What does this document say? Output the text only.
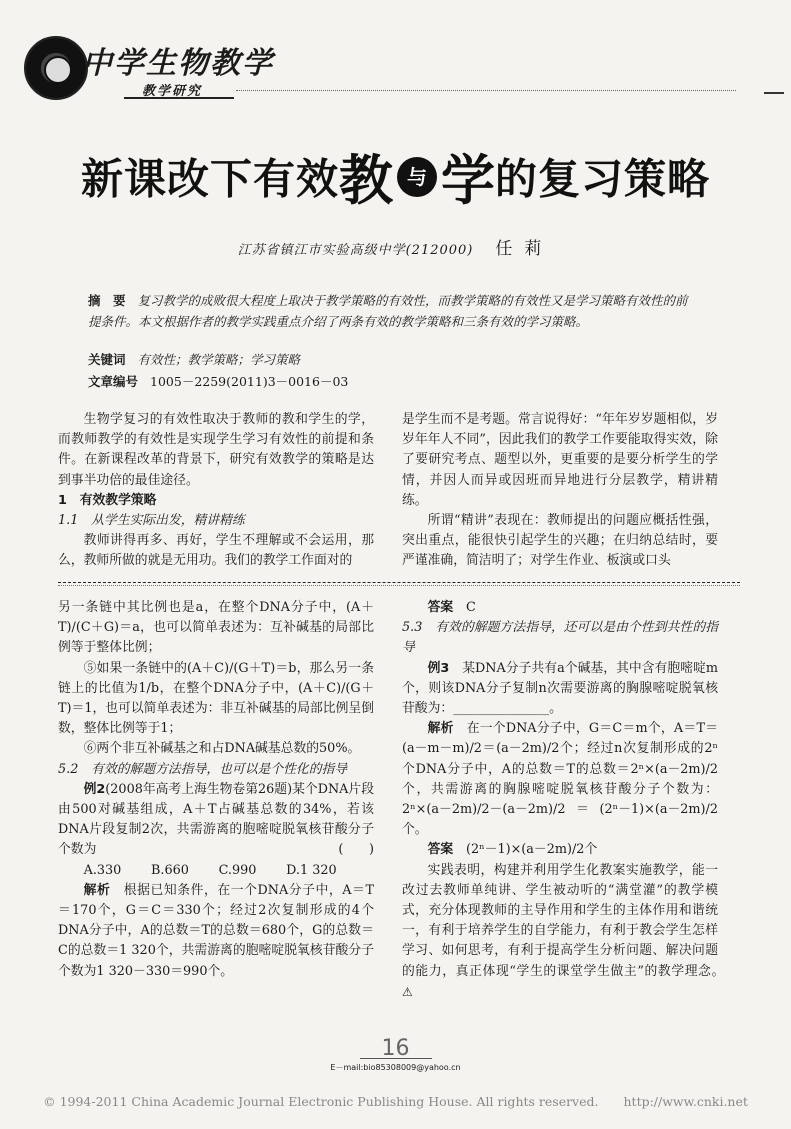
中学生物教学
教学研究
新课改下有效教 与 学的复习策略
江苏省镇江市实验高级中学(212000) 任莉
摘　要 复习教学的成败很大程度上取决于教学策略的有效性，而教学策略的有效性又是学习策略有效性的前提条件。本文根据作者的教学实践重点介绍了两条有效的教学策略和三条有效的学习策略。
关键词 有效性；教学策略；学习策略
文章编号 1005－2259(2011)3－0016－03

生物学复习的有效性取决于教师的教和学生的学，而教师教学的有效性是实现学生学习有效性的前提和条件。在新课程改革的背景下，研究有效教学的策略是达到事半功倍的最佳途径。

1　有效教学策略

1.1　从学生实际出发，精讲精练

教师讲得再多、再好，学生不理解或不会运用，那么，教师所做的就是无用功。我们的教学工作面对的

是学生而不是考题。常言说得好：“年年岁岁题相似，岁岁年年人不同”，因此我们的教学工作要能取得实效，除了要研究考点、题型以外，更重要的是要分析学生的学情，并因人而异或因班而异地进行分层教学，精讲精练。

所谓“精讲”表现在：教师提出的问题应概括性强，突出重点，能很快引起学生的兴趣；在归纳总结时，要严谨准确，简洁明了；对学生作业、板演或口头

另一条链中其比例也是a，在整个DNA分子中，(A＋T)/(C＋G)＝a，也可以简单表述为：互补碱基的局部比例等于整体比例；

⑤如果一条链中的(A＋C)/(G＋T)＝b，那么另一条链上的比值为1/b，在整个DNA分子中，(A＋C)/(G＋T)＝1，也可以简单表述为：非互补碱基的局部比例呈倒数，整体比例等于1；

⑥两个非互补碱基之和占DNA碱基总数的50%。

5.2　有效的解题方法指导，也可以是个性化的指导

例2(2008年高考上海生物卷第26题)某个DNA片段由500对碱基组成，A＋T占碱基总数的34%，若该DNA片段复制2次，共需游离的胞嘧啶脱氧核苷酸分子个数为	(　　)

A.330　　 B.660　　 C.990　　 D.1 320

解析　 根据已知条件，在一个DNA分子中，A＝T＝170个，G＝C＝330个；经过2次复制形成的4个DNA分子中，A的总数＝T的总数＝680个，G的总数＝C的总数＝1 320个，共需游离的胞嘧啶脱氧核苷酸分子个数为1 320－330＝990个。

答案　 C

5.3　有效的解题方法指导，还可以是由个性到共性的指导

例3　 某DNA分子共有a个碱基，其中含有胞嘧啶m个，则该DNA分子复制n次需要游离的胸腺嘧啶脱氧核苷酸为：_______________。

解析　 在一个DNA分子中，G＝C＝m个，A＝T＝(a－m－m)/2＝(a－2m)/2个；经过n次复制形成的2ⁿ个DNA分子中，A的总数＝T的总数＝2ⁿ×(a－2m)/2个，共需游离的胸腺嘧啶脱氧核苷酸分子个数为：2ⁿ×(a－2m)/2－(a－2m)/2＝(2ⁿ－1)×(a－2m)/2个。

答案　 (2ⁿ－1)×(a－2m)/2个

实践表明，构建并利用学生化教案实施教学，能一改过去教师单纯讲、学生被动听的“满堂灌”的教学模式，充分体现教师的主导作用和学生的主体作用和谐统一，有利于培养学生的自学能力，有利于教会学生怎样学习、如何思考，有利于提高学生分析问题、解决问题的能力，真正体现“学生的课堂学生做主”的教学理念。　⚠

16
E－mail:bio85308009@yahoo.cn
© 1994-2011 China Academic Journal Electronic Publishing House. All rights reserved.　　http://www.cnki.net
